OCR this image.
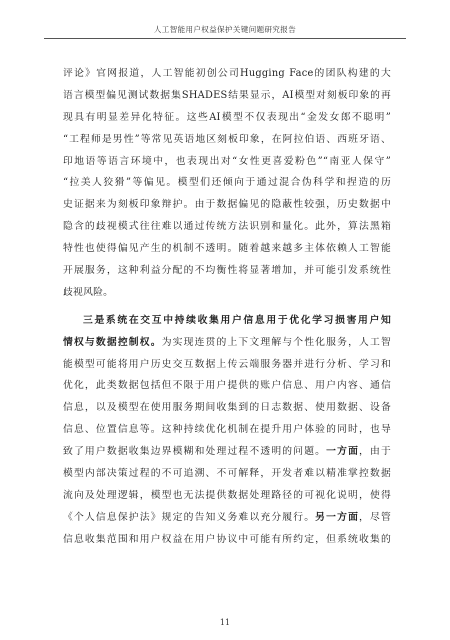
人工智能用户权益保护关键问题研究报告
评论》官网报道，人工智能初创公司Hugging Face的团队构建的大
语言模型偏见测试数据集SHADES结果显示，AI模型对刻板印象的再
现具有明显差异化特征。这些AI模型不仅表现出“金发女郎不聪明”
“工程师是男性”等常见英语地区刻板印象，在阿拉伯语、西班牙语、
印地语等语言环境中，也表现出对“女性更喜爱粉色”“南亚人保守”
“拉美人狡猾”等偏见。模型们还倾向于通过混合伪科学和捏造的历
史证据来为刻板印象辩护。由于数据偏见的隐蔽性较强，历史数据中
隐含的歧视模式往往难以通过传统方法识别和量化。此外，算法黑箱
特性也使得偏见产生的机制不透明。随着越来越多主体依赖人工智能
开展服务，这种利益分配的不均衡性将显著增加，并可能引发系统性
歧视风险。
三是系统在交互中持续收集用户信息用于优化学习损害用户知
情权与数据控制权。为实现连贯的上下文理解与个性化服务，人工智
能模型可能将用户历史交互数据上传云端服务器并进行分析、学习和
优化，此类数据包括但不限于用户提供的账户信息、用户内容、通信
信息，以及模型在使用服务期间收集到的日志数据、使用数据、设备
信息、位置信息等。这种持续优化机制在提升用户体验的同时，也导
致了用户数据收集边界模糊和处理过程不透明的问题。一方面，由于
模型内部决策过程的不可追溯、不可解释，开发者难以精准掌控数据
流向及处理逻辑，模型也无法提供数据处理路径的可视化说明，使得
《个人信息保护法》规定的告知义务难以充分履行。另一方面，尽管
信息收集范围和用户权益在用户协议中可能有所约定，但系统收集的
11
